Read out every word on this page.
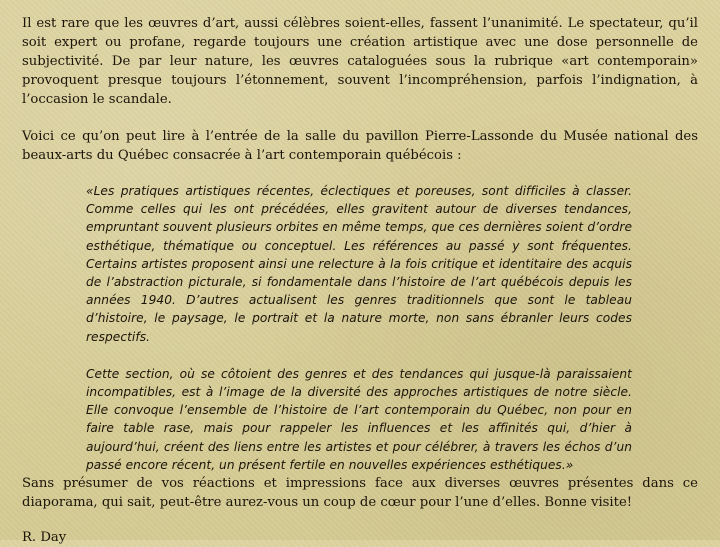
Il est rare que les œuvres d’art, aussi célèbres soient-elles, fassent l’unanimité. Le spectateur, qu’il soit expert ou profane, regarde toujours une création artistique avec une dose personnelle de subjectivité. De par leur nature, les œuvres cataloguées sous la rubrique «art contemporain» provoquent presque toujours l’étonnement, souvent l’incompréhension, parfois l’indignation, à l’occasion le scandale.

Voici ce qu’on peut lire à l’entrée de la salle du pavillon Pierre-Lassonde du Musée national des beaux-arts du Québec consacrée à l’art contemporain québécois :

«Les pratiques artistiques récentes, éclectiques et poreuses, sont difficiles à classer. Comme celles qui les ont précédées, elles gravitent autour de diverses tendances, empruntant souvent plusieurs orbites en même temps, que ces dernières soient d’ordre esthétique, thématique ou conceptuel. Les références au passé y sont fréquentes. Certains artistes proposent ainsi une relecture à la fois critique et identitaire des acquis de l’abstraction picturale, si fondamentale dans l’histoire de l’art québécois depuis les années 1940. D’autres actualisent les genres traditionnels que sont le tableau d’histoire, le paysage, le portrait et la nature morte, non sans ébranler leurs codes respectifs.

Cette section, où se côtoient des genres et des tendances qui jusque-là paraissaient incompatibles, est à l’image de la diversité des approches artistiques de notre siècle. Elle convoque l’ensemble de l’histoire de l’art contemporain du Québec, non pour en faire table rase, mais pour rappeler les influences et les affinités qui, d’hier à aujourd’hui, créent des liens entre les artistes et pour célébrer, à travers les échos d’un passé encore récent, un présent fertile en nouvelles expériences esthétiques.»

Sans présumer de vos réactions et impressions face aux diverses œuvres présentes dans ce diaporama, qui sait, peut-être aurez-vous un coup de cœur pour l’une d’elles. Bonne visite!

R. Day
